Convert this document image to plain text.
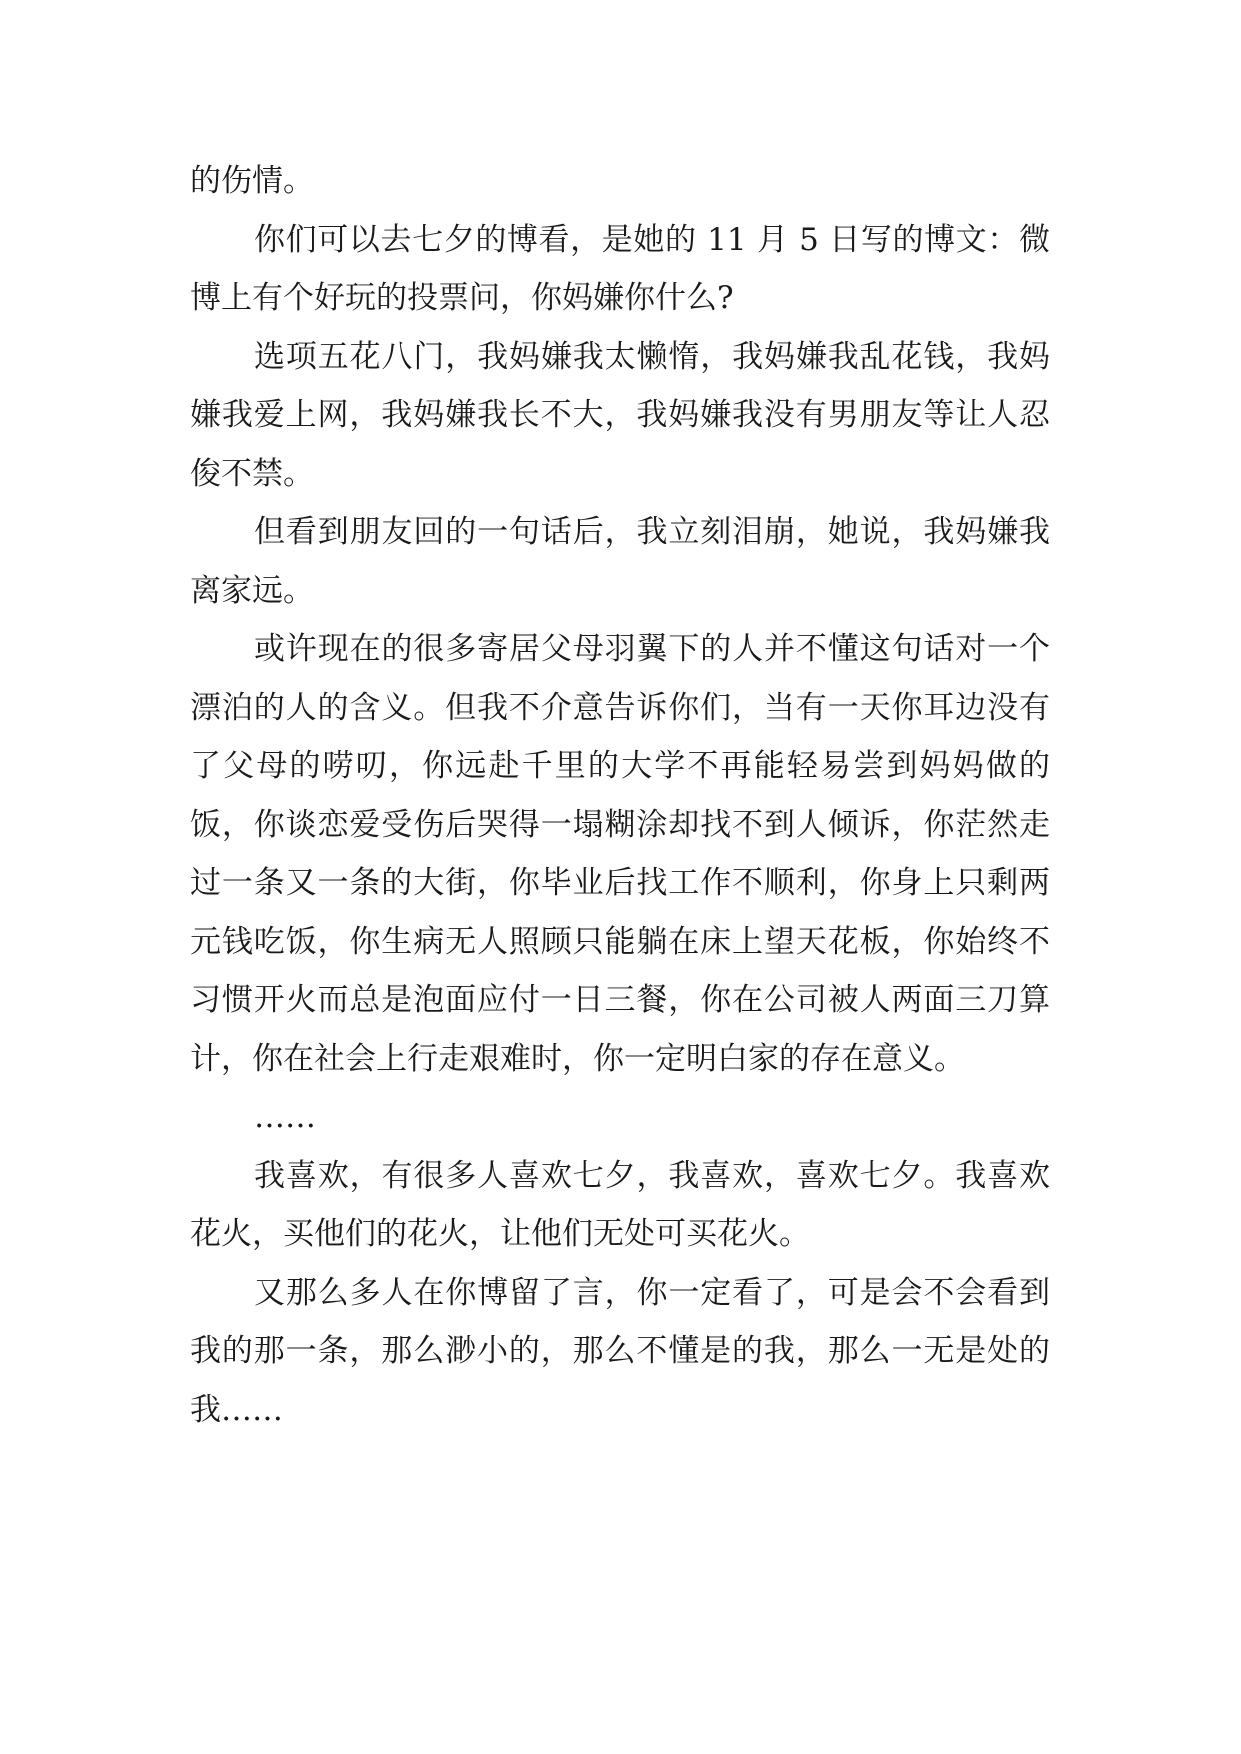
的伤情。

你们可以去七夕的博看，是她的 11 月 5 日写的博文：微博上有个好玩的投票问，你妈嫌你什么?

选项五花八门，我妈嫌我太懒惰，我妈嫌我乱花钱，我妈嫌我爱上网，我妈嫌我长不大，我妈嫌我没有男朋友等让人忍俊不禁。

但看到朋友回的一句话后，我立刻泪崩，她说，我妈嫌我离家远。

或许现在的很多寄居父母羽翼下的人并不懂这句话对一个漂泊的人的含义。但我不介意告诉你们，当有一天你耳边没有了父母的唠叨，你远赴千里的大学不再能轻易尝到妈妈做的饭，你谈恋爱受伤后哭得一塌糊涂却找不到人倾诉，你茫然走过一条又一条的大街，你毕业后找工作不顺利，你身上只剩两元钱吃饭，你生病无人照顾只能躺在床上望天花板，你始终不习惯开火而总是泡面应付一日三餐，你在公司被人两面三刀算计，你在社会上行走艰难时，你一定明白家的存在意义。

……

我喜欢，有很多人喜欢七夕，我喜欢，喜欢七夕。我喜欢花火，买他们的花火，让他们无处可买花火。

又那么多人在你博留了言，你一定看了，可是会不会看到我的那一条，那么渺小的，那么不懂是的我，那么一无是处的我……
